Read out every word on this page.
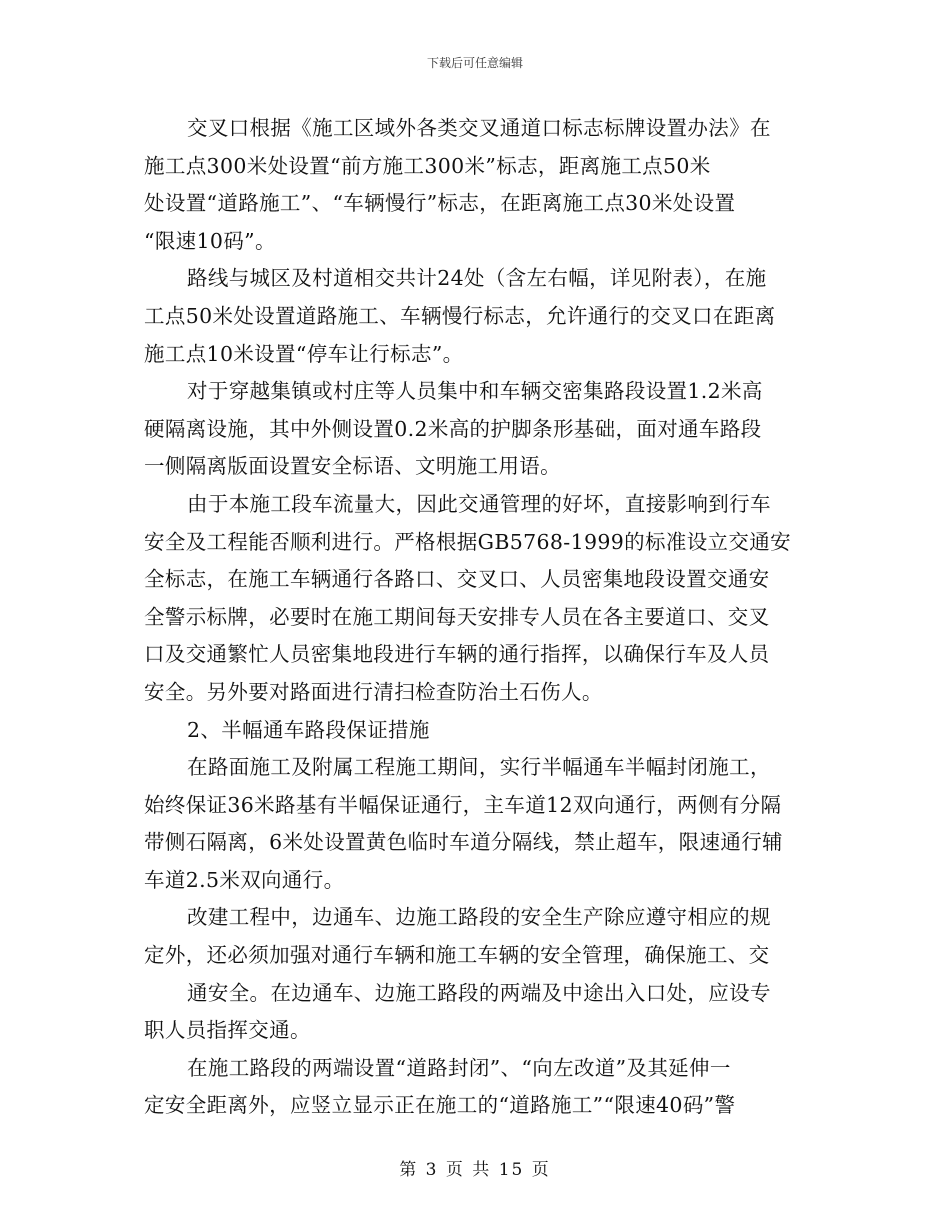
下载后可任意编辑
交叉口根据《施工区域外各类交叉通道口标志标牌设置办法》在
施工点300米处设置“前方施工300米”标志，距离施工点50米
处设置“道路施工”、“车辆慢行”标志，在距离施工点30米处设置
“限速10码”。
路线与城区及村道相交共计24处（含左右幅，详见附表），在施
工点50米处设置道路施工、车辆慢行标志，允许通行的交叉口在距离
施工点10米设置“停车让行标志”。
对于穿越集镇或村庄等人员集中和车辆交密集路段设置1.2米高
硬隔离设施，其中外侧设置0.2米高的护脚条形基础，面对通车路段
一侧隔离版面设置安全标语、文明施工用语。
由于本施工段车流量大，因此交通管理的好坏，直接影响到行车
安全及工程能否顺利进行。严格根据GB5768-1999的标准设立交通安
全标志，在施工车辆通行各路口、交叉口、人员密集地段设置交通安
全警示标牌，必要时在施工期间每天安排专人员在各主要道口、交叉
口及交通繁忙人员密集地段进行车辆的通行指挥，以确保行车及人员
安全。另外要对路面进行清扫检查防治土石伤人。
2、半幅通车路段保证措施
在路面施工及附属工程施工期间，实行半幅通车半幅封闭施工，
始终保证36米路基有半幅保证通行，主车道12双向通行，两侧有分隔
带侧石隔离，6米处设置黄色临时车道分隔线，禁止超车，限速通行辅
车道2.5米双向通行。
改建工程中，边通车、边施工路段的安全生产除应遵守相应的规
定外，还必须加强对通行车辆和施工车辆的安全管理，确保施工、交
通安全。在边通车、边施工路段的两端及中途出入口处，应设专
职人员指挥交通。
在施工路段的两端设置“道路封闭”、“向左改道”及其延伸一
定安全距离外，应竖立显示正在施工的“道路施工”“限速40码”警
第 3 页 共 15 页
